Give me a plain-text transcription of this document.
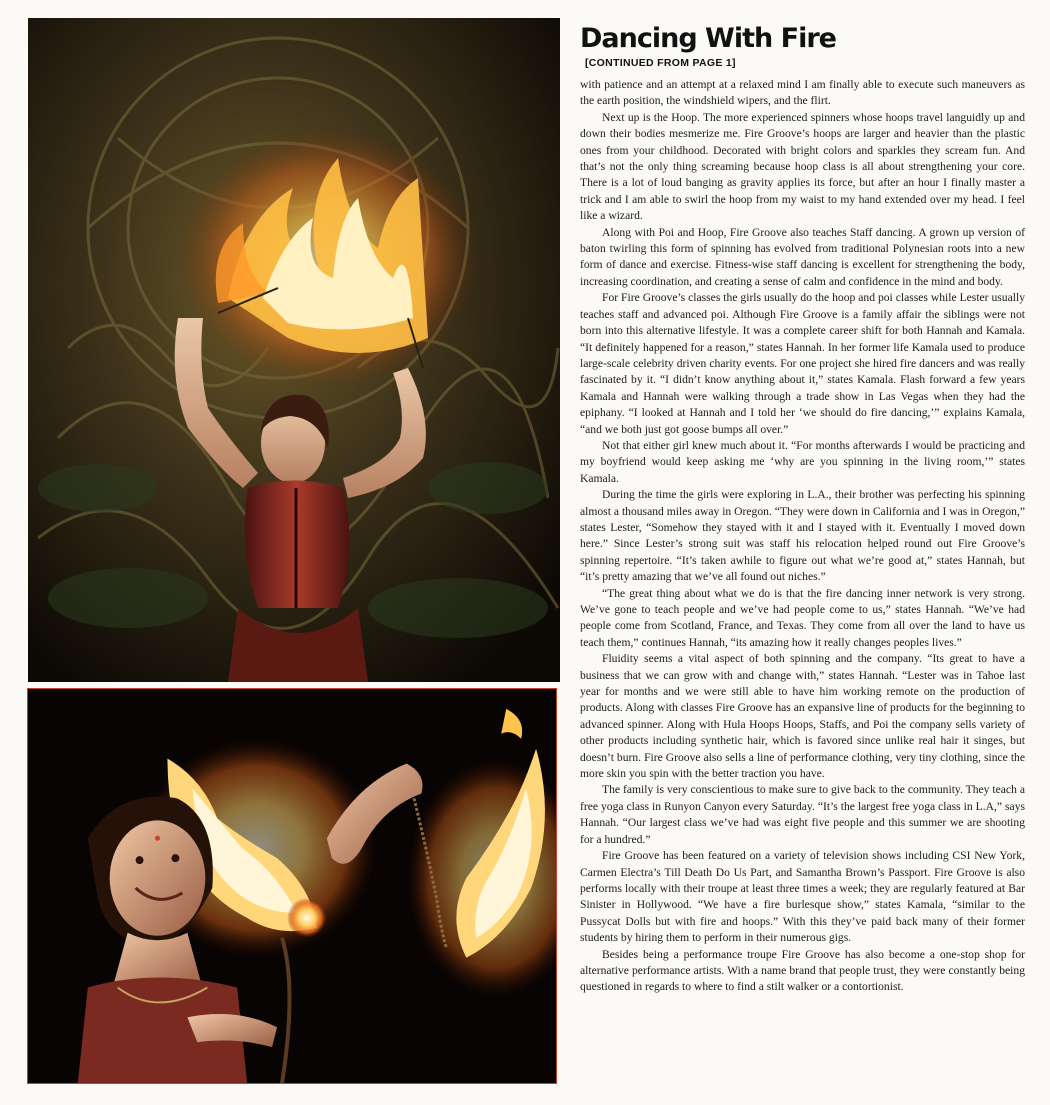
Dancing With Fire
[CONTINUED FROM PAGE 1]

with patience and an attempt at a relaxed mind I am finally able to execute such maneuvers as the earth position, the windshield wipers, and the flirt.

Next up is the Hoop. The more experienced spinners whose hoops travel languidly up and down their bodies mesmerize me. Fire Groove’s hoops are larger and heavier than the plastic ones from your childhood. Decorated with bright colors and sparkles they scream fun. And that’s not the only thing screaming because hoop class is all about strengthening your core. There is a lot of loud banging as gravity applies its force, but after an hour I finally master a trick and I am able to swirl the hoop from my waist to my hand extended over my head. I feel like a wizard.

Along with Poi and Hoop, Fire Groove also teaches Staff dancing. A grown up version of baton twirling this form of spinning has evolved from traditional Polynesian roots into a new form of dance and exercise. Fitness-wise staff dancing is excellent for strengthening the body, increasing coordination, and creating a sense of calm and confidence in the mind and body.

For Fire Groove’s classes the girls usually do the hoop and poi classes while Lester usually teaches staff and advanced poi. Although Fire Groove is a family affair the siblings were not born into this alternative lifestyle. It was a complete career shift for both Hannah and Kamala. “It definitely happened for a reason,” states Hannah. In her former life Kamala used to produce large-scale celebrity driven charity events. For one project she hired fire dancers and was really fascinated by it. “I didn’t know anything about it,” states Kamala. Flash forward a few years Kamala and Hannah were walking through a trade show in Las Vegas when they had the epiphany. “I looked at Hannah and I told her ‘we should do fire dancing,’” explains Kamala, “and we both just got goose bumps all over.”

Not that either girl knew much about it. “For months afterwards I would be practicing and my boyfriend would keep asking me ‘why are you spinning in the living room,’” states Kamala.

During the time the girls were exploring in L.A., their brother was perfecting his spinning almost a thousand miles away in Oregon. “They were down in California and I was in Oregon,” states Lester, “Somehow they stayed with it and I stayed with it. Eventually I moved down here.” Since Lester’s strong suit was staff his relocation helped round out Fire Groove’s spinning repertoire. “It’s taken awhile to figure out what we’re good at,” states Hannah, but “it’s pretty amazing that we’ve all found out niches.”

“The great thing about what we do is that the fire dancing inner network is very strong. We’ve gone to teach people and we’ve had people come to us,” states Hannah. “We’ve had people come from Scotland, France, and Texas. They come from all over the land to have us teach them,” continues Hannah, “its amazing how it really changes peoples lives.”

Fluidity seems a vital aspect of both spinning and the company. “Its great to have a business that we can grow with and change with,” states Hannah. “Lester was in Tahoe last year for months and we were still able to have him working remote on the production of products. Along with classes Fire Groove has an expansive line of products for the beginning to advanced spinner. Along with Hula Hoops Hoops, Staffs, and Poi the company sells variety of other products including synthetic hair, which is favored since unlike real hair it singes, but doesn’t burn. Fire Groove also sells a line of performance clothing, very tiny clothing, since the more skin you spin with the better traction you have.

The family is very conscientious to make sure to give back to the community. They teach a free yoga class in Runyon Canyon every Saturday. “It’s the largest free yoga class in L.A,” says Hannah. “Our largest class we’ve had was eight five people and this summer we are shooting for a hundred.”

Fire Groove has been featured on a variety of television shows including CSI New York, Carmen Electra’s Till Death Do Us Part, and Samantha Brown’s Passport. Fire Groove is also performs locally with their troupe at least three times a week; they are regularly featured at Bar Sinister in Hollywood. “We have a fire burlesque show,” states Kamala, “similar to the Pussycat Dolls but with fire and hoops.” With this they’ve paid back many of their former students by hiring them to perform in their numerous gigs.

Besides being a performance troupe Fire Groove has also become a one-stop shop for alternative performance artists. With a name brand that people trust, they were constantly being questioned in regards to where to find a stilt walker or a contortionist.
